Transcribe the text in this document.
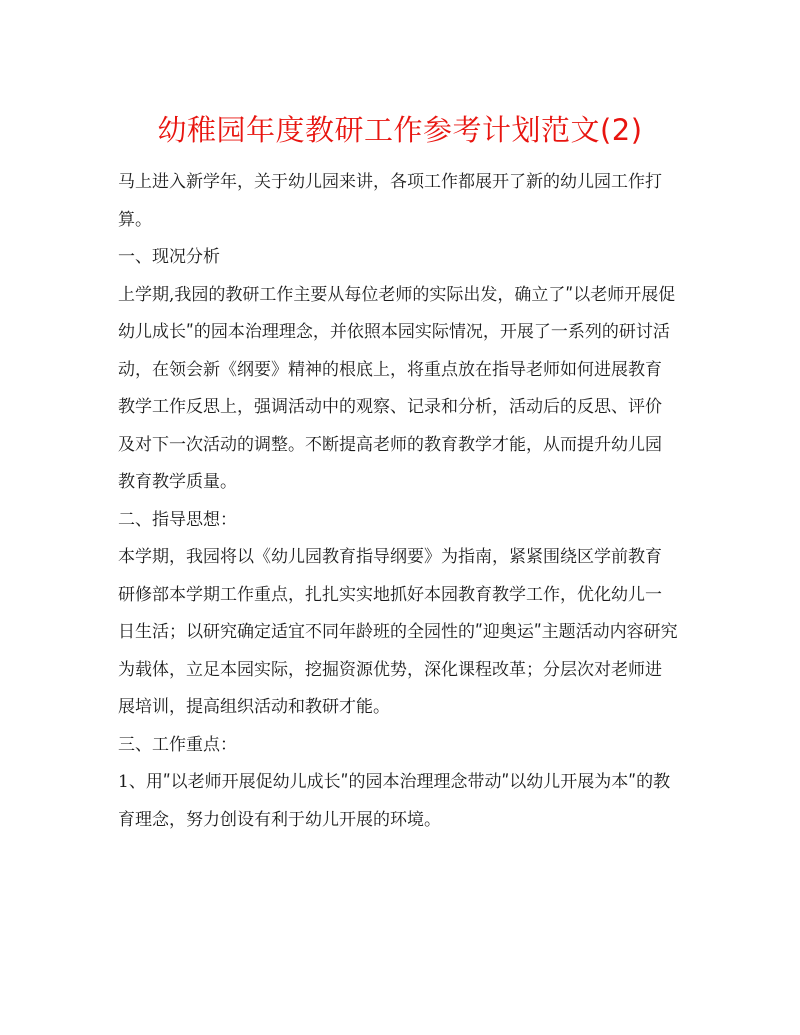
幼稚园年度教研工作参考计划范文(2)

马上进入新学年，关于幼儿园来讲，各项工作都展开了新的幼儿园工作打算。

一、现况分析

上学期,我园的教研工作主要从每位老师的实际出发，确立了ʺ以老师开展促幼儿成长ʺ的园本治理理念，并依照本园实际情况，开展了一系列的研讨活动，在领会新《纲要》精神的根底上，将重点放在指导老师如何进展教育教学工作反思上，强调活动中的观察、记录和分析，活动后的反思、评价及对下一次活动的调整。不断提高老师的教育教学才能，从而提升幼儿园教育教学质量。

二、指导思想：

本学期，我园将以《幼儿园教育指导纲要》为指南，紧紧围绕区学前教育研修部本学期工作重点，扎扎实实地抓好本园教育教学工作，优化幼儿一日生活；以研究确定适宜不同年龄班的全园性的ʺ迎奥运ʺ主题活动内容研究为载体，立足本园实际，挖掘资源优势，深化课程改革；分层次对老师进展培训，提高组织活动和教研才能。

三、工作重点：

1、用ʺ以老师开展促幼儿成长ʺ的园本治理理念带动ʺ以幼儿开展为本ʺ的教育理念，努力创设有利于幼儿开展的环境。
